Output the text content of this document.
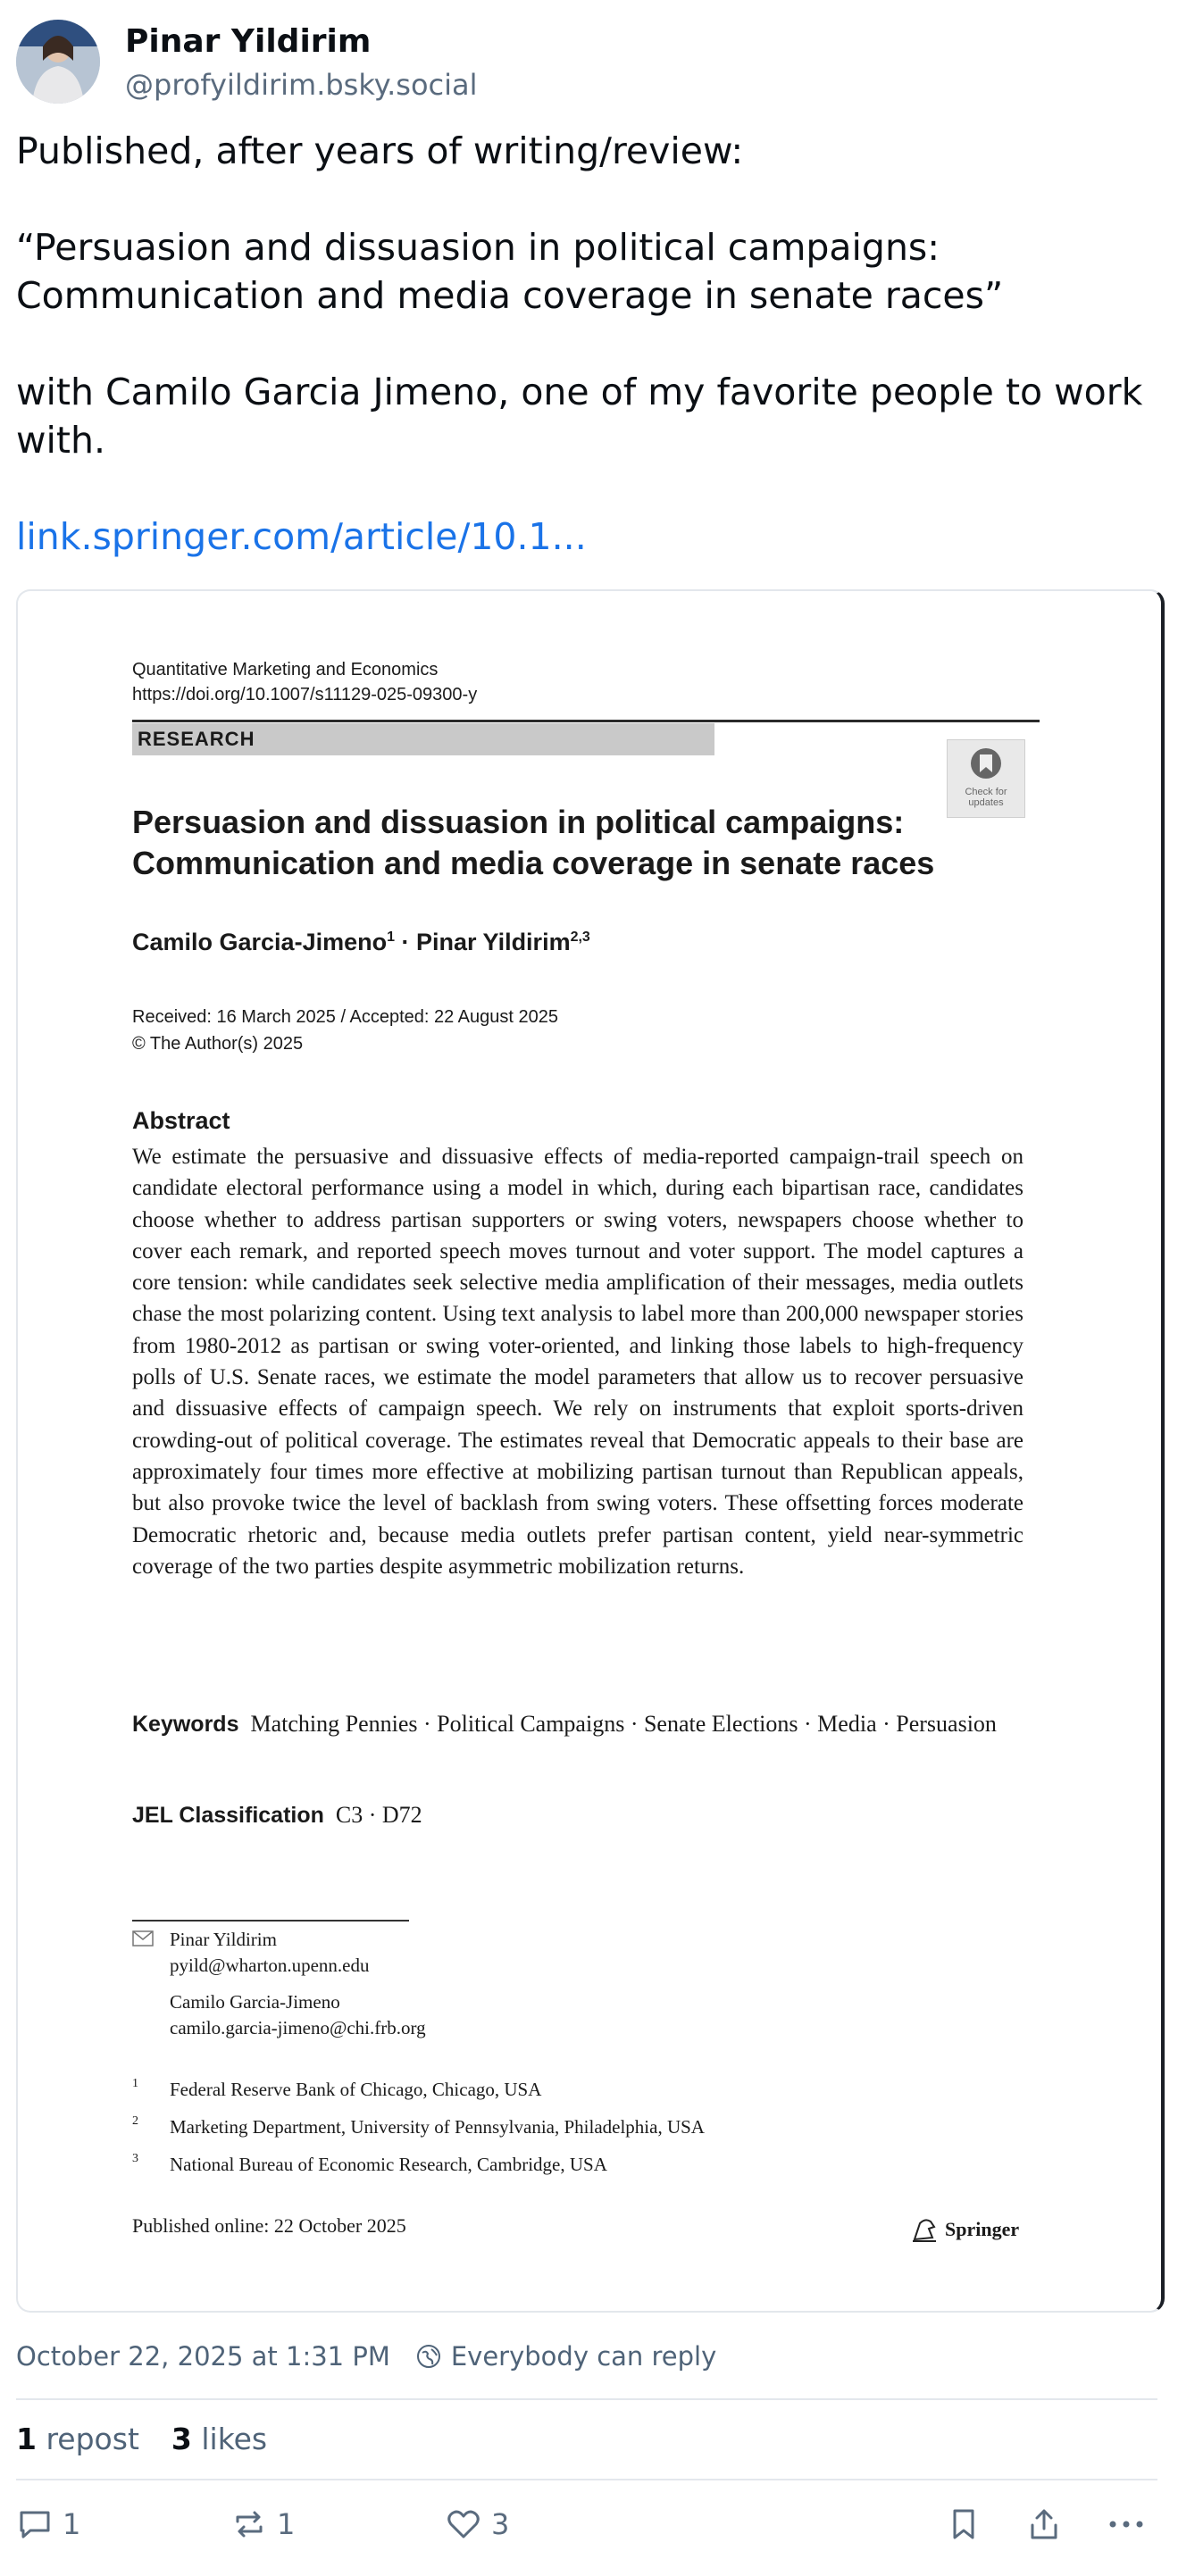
Pinar Yildirim
@profyildirim.bsky.social

Published, after years of writing/review:

“Persuasion and dissuasion in political campaigns: Communication and media coverage in senate races”

with Camilo Garcia Jimeno, one of my favorite people to work with.

link.springer.com/article/10.1...

Quantitative Marketing and Economics
https://doi.org/10.1007/s11129-025-09300-y
RESEARCH
Check for updates
Persuasion and dissuasion in political campaigns: Communication and media coverage in senate races
Camilo Garcia-Jimeno$^1$ · Pinar Yildirim$^{2,3}$
Received: 16 March 2025 / Accepted: 22 August 2025
© The Author(s) 2025
Abstract
We estimate the persuasive and dissuasive effects of media-reported campaign-trail speech on candidate electoral performance using a model in which, during each bipartisan race, candidates choose whether to address partisan supporters or swing voters, newspapers choose whether to cover each remark, and reported speech moves turnout and voter support. The model captures a core tension: while candidates seek selective media amplification of their messages, media outlets chase the most polarizing content. Using text analysis to label more than 200,000 newspaper stories from 1980-2012 as partisan or swing voter-oriented, and linking those labels to high-frequency polls of U.S. Senate races, we estimate the model parameters that allow us to recover persuasive and dissuasive effects of campaign speech. We rely on instruments that exploit sports-driven crowding-out of political coverage. The estimates reveal that Democratic appeals to their base are approximately four times more effective at mobilizing partisan turnout than Republican appeals, but also provoke twice the level of backlash from swing voters. These offsetting forces moderate Democratic rhetoric and, because media outlets prefer partisan content, yield near-symmetric coverage of the two parties despite asymmetric mobilization returns.
Keywords Matching Pennies · Political Campaigns · Senate Elections · Media · Persuasion
JEL Classification C3 · D72
Pinar Yildirim
pyild@wharton.upenn.edu
Camilo Garcia-Jimeno
camilo.garcia-jimeno@chi.frb.org
1 Federal Reserve Bank of Chicago, Chicago, USA
2 Marketing Department, University of Pennsylvania, Philadelphia, USA
3 National Bureau of Economic Research, Cambridge, USA
Published online: 22 October 2025	Springer
October 22, 2025 at 1:31 PM Everybody can reply
1 repost 3 likes
1	1	3
